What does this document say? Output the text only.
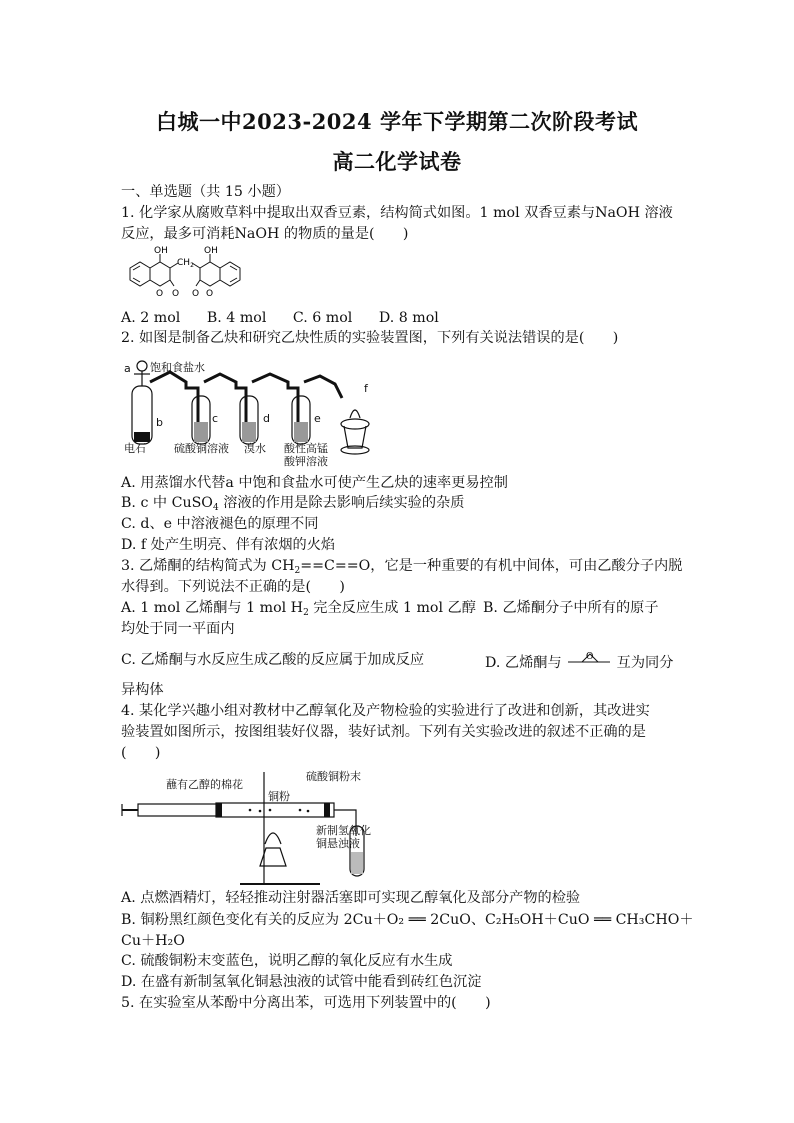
白城一中2023-2024 学年下学期第二次阶段考试
高二化学试卷
一、单选题（共 15 小题）
1. 化学家从腐败草料中提取出双香豆素，结构简式如图。1 mol 双香豆素与NaOH 溶液
反应，最多可消耗NaOH 的物质的量是(　　)
OH	OH
$CH_2$
O O O O
A. 2 mol B. 4 mol C. 6 mol D. 8 mol
2. 如图是制备乙炔和研究乙炔性质的实验装置图，下列有关说法错误的是(　　)
a 饱和食盐水
b	c	d	e
f
电石	硫酸铜溶液 溴水 酸性高锰
酸钾溶液
A. 用蒸馏水代替a 中饱和食盐水可使产生乙炔的速率更易控制
B. c 中 CuSO$_4$ 溶液的作用是除去影响后续实验的杂质
C. d、e 中溶液褪色的原理不同
D. f 处产生明亮、伴有浓烟的火焰
3. 乙烯酮的结构简式为 $CH_2==C==O$，它是一种重要的有机中间体，可由乙酸分子内脱
水得到。下列说法不正确的是(　　)
A. 1 mol 乙烯酮与 1 mol $H_2$ 完全反应生成 1 mol 乙醇 B. 乙烯酮分子中所有的原子
均处于同一平面内
C. 乙烯酮与水反应生成乙酸的反应属于加成反应	D. 乙烯酮与	O 互为同分
异构体
4. 某化学兴趣小组对教材中乙醇氧化及产物检验的实验进行了改进和创新，其改进实
验装置如图所示，按图组装好仪器，装好试剂。下列有关实验改进的叙述不正确的是
(　　)
蘸有乙醇的棉花
铜粉
硫酸铜粉末
新制氢氧化
铜悬浊液
A. 点燃酒精灯，轻轻推动注射器活塞即可实现乙醇氧化及部分产物的检验
B. 铜粉黑红颜色变化有关的反应为 2Cu＋O₂ ══ 2CuO、C₂H₅OH＋CuO ══ CH₃CHO＋
Cu＋H₂O
C. 硫酸铜粉末变蓝色，说明乙醇的氧化反应有水生成
D. 在盛有新制氢氧化铜悬浊液的试管中能看到砖红色沉淀
5. 在实验室从苯酚中分离出苯，可选用下列装置中的(　　)
